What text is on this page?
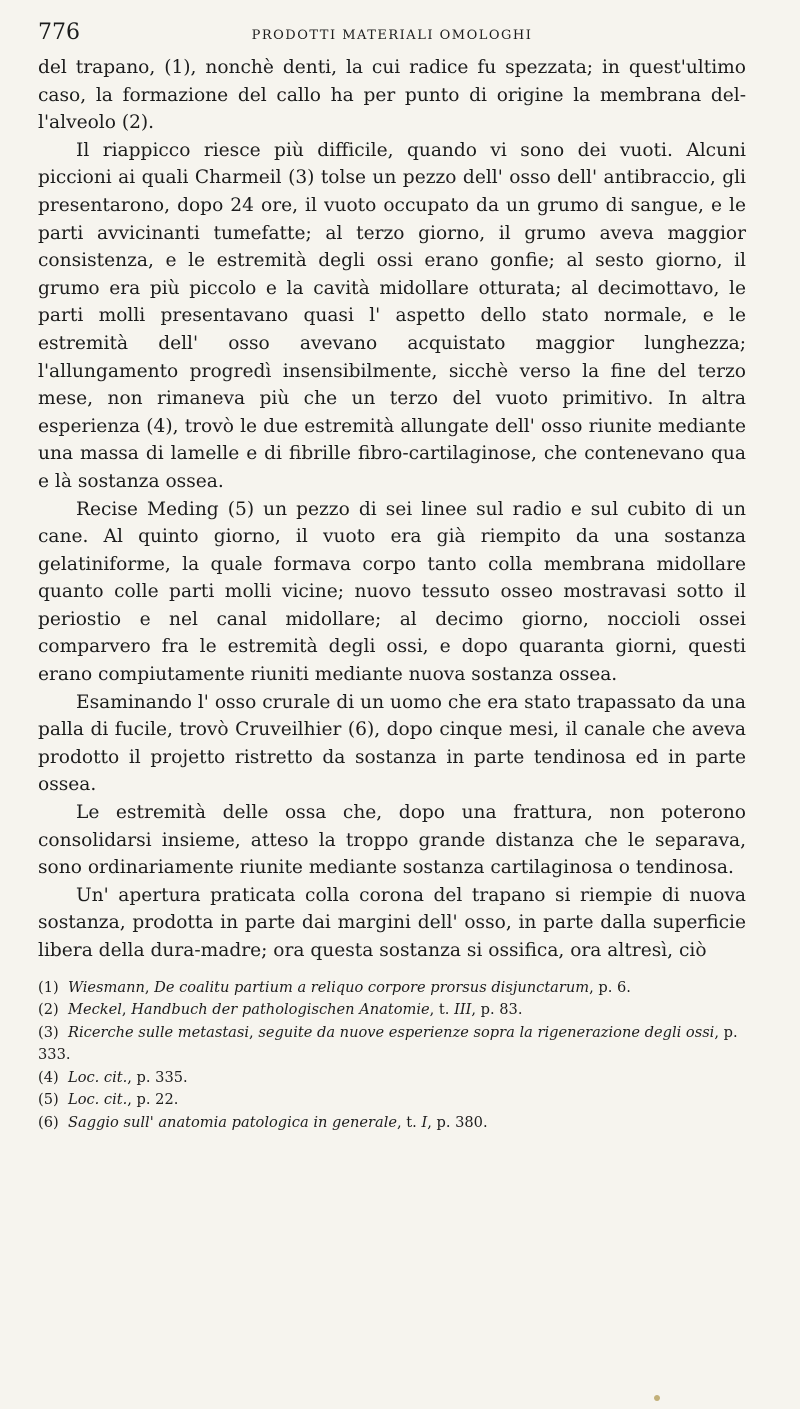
776	PRODOTTI MATERIALI OMOLOGHI

del trapano, (1), nonchè denti, la cui radice fu spezzata; in quest'ultimo caso, la formazione del callo ha per punto di origine la membrana del-l'alveolo (2).

Il riappicco riesce più difficile, quando vi sono dei vuoti. Alcuni piccioni ai quali Charmeil (3) tolse un pezzo dell' osso dell' antibraccio, gli presentarono, dopo 24 ore, il vuoto occupato da un grumo di sangue, e le parti avvicinanti tumefatte; al terzo giorno, il grumo aveva maggior consistenza, e le estremità degli ossi erano gonfie; al sesto giorno, il grumo era più piccolo e la cavità midollare otturata; al decimottavo, le parti molli presentavano quasi l' aspetto dello stato normale, e le estremità dell' osso avevano acquistato maggior lunghezza; l'allungamento progredì insensibilmente, sicchè verso la fine del terzo mese, non rimaneva più che un terzo del vuoto primitivo. In altra esperienza (4), trovò le due estremità allungate dell' osso riunite mediante una massa di lamelle e di fibrille fibro-cartilaginose, che contenevano qua e là sostanza ossea.

Recise Meding (5) un pezzo di sei linee sul radio e sul cubito di un cane. Al quinto giorno, il vuoto era già riempito da una sostanza gelatiniforme, la quale formava corpo tanto colla membrana midollare quanto colle parti molli vicine; nuovo tessuto osseo mostravasi sotto il periostio e nel canal midollare; al decimo giorno, noccioli ossei comparvero fra le estremità degli ossi, e dopo quaranta giorni, questi erano compiutamente riuniti mediante nuova sostanza ossea.

Esaminando l' osso crurale di un uomo che era stato trapassato da una palla di fucile, trovò Cruveilhier (6), dopo cinque mesi, il canale che aveva prodotto il projetto ristretto da sostanza in parte tendinosa ed in parte ossea.

Le estremità delle ossa che, dopo una frattura, non poterono consolidarsi insieme, atteso la troppo grande distanza che le separava, sono ordinariamente riunite mediante sostanza cartilaginosa o tendinosa.

Un' apertura praticata colla corona del trapano si riempie di nuova sostanza, prodotta in parte dai margini dell' osso, in parte dalla superficie libera della dura-madre; ora questa sostanza si ossifica, ora altresì, ciò

(1) Wiesmann, De coalitu partium a reliquo corpore prorsus disjunctarum, p. 6.

(2) Meckel, Handbuch der pathologischen Anatomie, t. III, p. 83.

(3) Ricerche sulle metastasi, seguite da nuove esperienze sopra la rigenerazione degli ossi, p. 333.

(4) Loc. cit., p. 335.

(5) Loc. cit., p. 22.

(6) Saggio sull' anatomia patologica in generale, t. I, p. 380.
